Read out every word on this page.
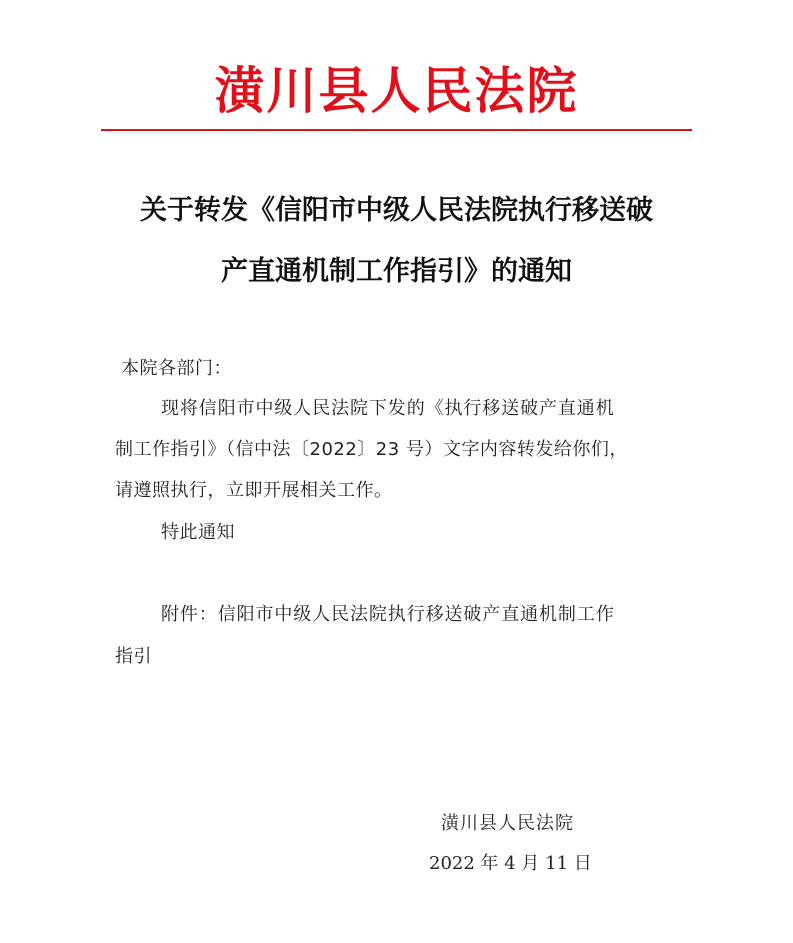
潢川县人民法院
关于转发《信阳市中级人民法院执行移送破
产直通机制工作指引》的通知
本院各部门：
现将信阳市中级人民法院下发的《执行移送破产直通机
制工作指引》（信中法〔2022〕23 号）文字内容转发给你们，
请遵照执行，立即开展相关工作。
特此通知
附件：信阳市中级人民法院执行移送破产直通机制工作
指引
潢川县人民法院
2022 年 4 月 11 日
